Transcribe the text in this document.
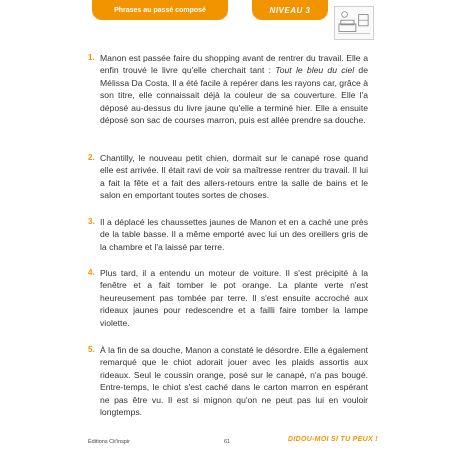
Phrases au passé composé	NIVEAU 3
1. Manon est passée faire du shopping avant de rentrer du travail. Elle a enfin trouvé le livre qu'elle cherchait tant : Tout le bleu du ciel de Mélissa Da Costa. Il a été facile à repérer dans les rayons car, grâce à son titre, elle connaissait déjà la couleur de sa couverture. Elle l'a déposé au-dessus du livre jaune qu'elle a terminé hier. Elle a ensuite déposé son sac de courses marron, puis est allée prendre sa douche.

2. Chantilly, le nouveau petit chien, dormait sur le canapé rose quand elle est arrivée. Il était ravi de voir sa maîtresse rentrer du travail. Il lui a fait la fête et a fait des allers-retours entre la salle de bains et le salon en emportant toutes sortes de choses.

3. Il a déplacé les chaussettes jaunes de Manon et en a caché une près de la table basse. Il a même emporté avec lui un des oreillers gris de la chambre et l'a laissé par terre.

4. Plus tard, il a entendu un moteur de voiture. Il s'est précipité à la fenêtre et a fait tomber le pot orange. La plante verte n'est heureusement pas tombée par terre. Il s'est ensuite accroché aux rideaux jaunes pour redescendre et a failli faire tomber la lampe violette.

5. À la fin de sa douche, Manon a constaté le désordre. Elle a également remarqué que le chiot adorait jouer avec les plaids assortis aux rideaux. Seul le coussin orange, posé sur le canapé, n'a pas bougé. Entre-temps, le chiot s'est caché dans le carton marron en espérant ne pas être vu. Il est si mignon qu'on ne peut pas lui en vouloir longtemps.

Éditions Cit'inspir	61	DIDOU-MOI SI TU PEUX !
